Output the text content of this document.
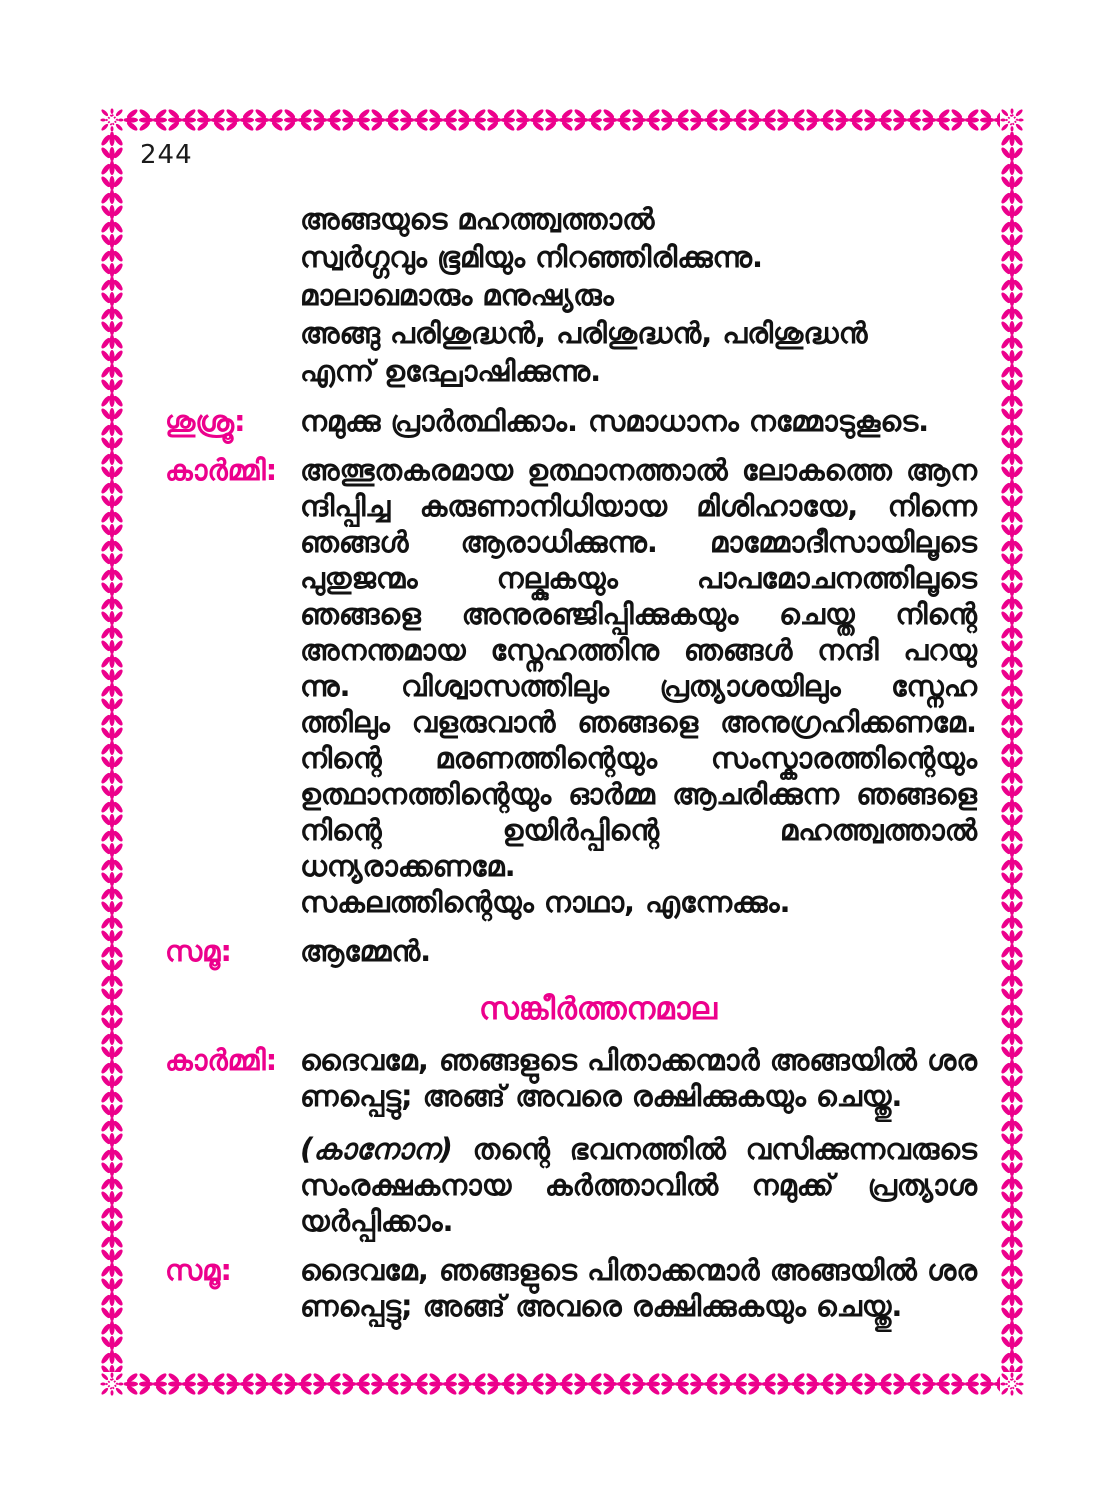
244
അങ്ങയുടെ മഹത്ത്വത്താൽ
സ്വർഗ്ഗവും ഭൂമിയും നിറഞ്ഞിരിക്കുന്നു.
മാലാഖമാരും മനുഷ്യരും
അങ്ങു പരിശുദ്ധൻ, പരിശുദ്ധൻ, പരിശുദ്ധൻ
എന്ന് ഉദ്ഘോഷിക്കുന്നു.
ശുശ്രൂ:	നമുക്കു പ്രാർത്ഥിക്കാം. സമാധാനം നമ്മോടുകൂടെ.
കാർമ്മി: അത്ഭുതകരമായ ഉത്ഥാനത്താൽ ലോകത്തെ ആന
ന്ദിപ്പിച്ച കരുണാനിധിയായ മിശിഹായേ, നിന്നെ
ഞങ്ങൾ ആരാധിക്കുന്നു. മാമ്മോദീസായിലൂടെ
പുതുജന്മം നല്കുകയും പാപമോചനത്തിലൂടെ
ഞങ്ങളെ അനുരഞ്ജിപ്പിക്കുകയും ചെയ്ത നിന്റെ
അനന്തമായ സ്നേഹത്തിനു ഞങ്ങൾ നന്ദി പറയു
ന്നു. വിശ്വാസത്തിലും പ്രത്യാശയിലും സ്നേഹ
ത്തിലും വളരുവാൻ ഞങ്ങളെ അനുഗ്രഹിക്കണമേ.
നിന്റെ മരണത്തിന്റെയും സംസ്കാരത്തിന്റെയും
ഉത്ഥാനത്തിന്റെയും ഓർമ്മ ആചരിക്കുന്ന ഞങ്ങളെ
നിന്റെ ഉയിർപ്പിന്റെ മഹത്ത്വത്താൽ ധന്യരാക്കണമേ.
സകലത്തിന്റെയും നാഥാ, എന്നേക്കും.
സമൂ:	ആമ്മേൻ.
സങ്കീർത്തനമാല
കാർമ്മി: ദൈവമേ, ഞങ്ങളുടെ പിതാക്കന്മാർ അങ്ങയിൽ ശര
ണപ്പെട്ടു; അങ്ങ് അവരെ രക്ഷിക്കുകയും ചെയ്തു.
(കാനോന) തന്റെ ഭവനത്തിൽ വസിക്കുന്നവരുടെ
സംരക്ഷകനായ കർത്താവിൽ നമുക്ക് പ്രത്യാശ
യർപ്പിക്കാം.
സമൂ:	ദൈവമേ, ഞങ്ങളുടെ പിതാക്കന്മാർ അങ്ങയിൽ ശര
ണപ്പെട്ടു; അങ്ങ് അവരെ രക്ഷിക്കുകയും ചെയ്തു.
